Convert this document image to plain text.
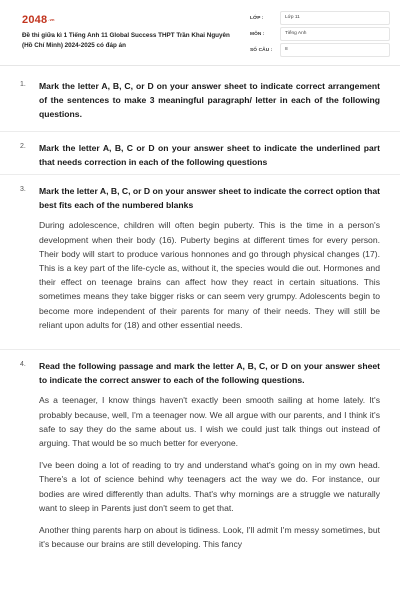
$2048^{.vn}$
Đề thi giữa kì 1 Tiếng Anh 11 Global Success THPT Trần Khai Nguyên (Hồ Chí Minh) 2024-2025 có đáp án
LỚP :	Lớp 11
MÔN :	Tiếng Anh
SỐ CÂU :	8
1. Mark the letter A, B, C, or D on your answer sheet to indicate correct arrangement of the sentences to make 3 meaningful paragraph/ letter in each of the following questions.
2. Mark the letter A, B, C or D on your answer sheet to indicate the underlined part that needs correction in each of the following questions
3. Mark the letter A, B, C, or D on your answer sheet to indicate the correct option that best fits each of the numbered blanks

During adolescence, children will often begin puberty. This is the time in a person's development when their body (16). Puberty begins at different times for every person. Their body will start to produce various honnones and go through physical changes (17). This is a key part of the life-cycle as, without it, the species would die out. Hormones and their effect on teenage brains can affect how they react in certain situations. This sometimes means they take bigger risks or can seem very grumpy. Adolescents begin to become more independent of their parents for many of their needs. They will still be reliant upon adults for (18) and other essential needs.

4. Read the following passage and mark the letter A, B, C, or D on your answer sheet to indicate the correct answer to each of the following questions.

As a teenager, I know things haven't exactly been smooth sailing at home lately. It's probably because, well, I'm a teenager now. We all argue with our parents, and I think it's safe to say they do the same about us. I wish we could just talk things out instead of arguing. That would be so much better for everyone.

I've been doing a lot of reading to try and understand what's going on in my own head. There's a lot of science behind why teenagers act the way we do. For instance, our bodies are wired differently than adults. That's why mornings are a struggle we naturally want to sleep in Parents just don't seem to get that.

Another thing parents harp on about is tidiness. Look, I'll admit I'm messy sometimes, but it's because our brains are still developing. This fancy
